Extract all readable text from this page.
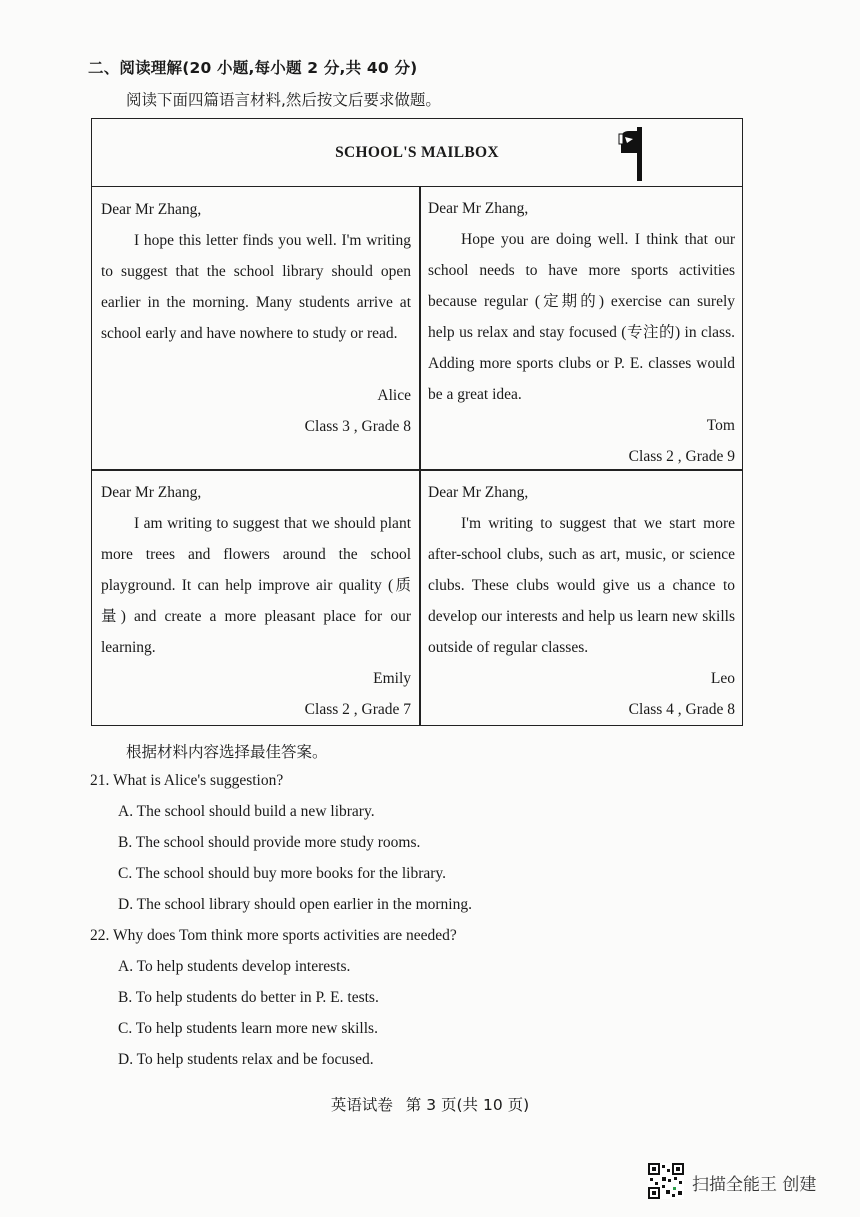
二、阅读理解(20 小题,每小题 2 分,共 40 分)
阅读下面四篇语言材料,然后按文后要求做题。
SCHOOL'S MAILBOX

Dear Mr Zhang,

I hope this letter finds you well. I'm writing to suggest that the school library should open earlier in the morning. Many students arrive at school early and have nowhere to study or read.

Alice

Class 3 , Grade 8

Dear Mr Zhang,

Hope you are doing well. I think that our school needs to have more sports activities because regular (定期的) exercise can surely help us relax and stay focused (专注的) in class. Adding more sports clubs or P. E. classes would be a great idea.

Tom

Class 2 , Grade 9

Dear Mr Zhang,

I am writing to suggest that we should plant more trees and flowers around the school playground. It can help improve air quality (质量) and create a more pleasant place for our learning.

Emily

Class 2 , Grade 7

Dear Mr Zhang,

I'm writing to suggest that we start more after-school clubs, such as art, music, or science clubs. These clubs would give us a chance to develop our interests and help us learn new skills outside of regular classes.

Leo

Class 4 , Grade 8

根据材料内容选择最佳答案。
21. What is Alice's suggestion?
A. The school should build a new library.
B. The school should provide more study rooms.
C. The school should buy more books for the library.
D. The school library should open earlier in the morning.
22. Why does Tom think more sports activities are needed?
A. To help students develop interests.
B. To help students do better in P. E. tests.
C. To help students learn more new skills.
D. To help students relax and be focused.
英语试卷 第 3 页(共 10 页)
扫描全能王 创建
